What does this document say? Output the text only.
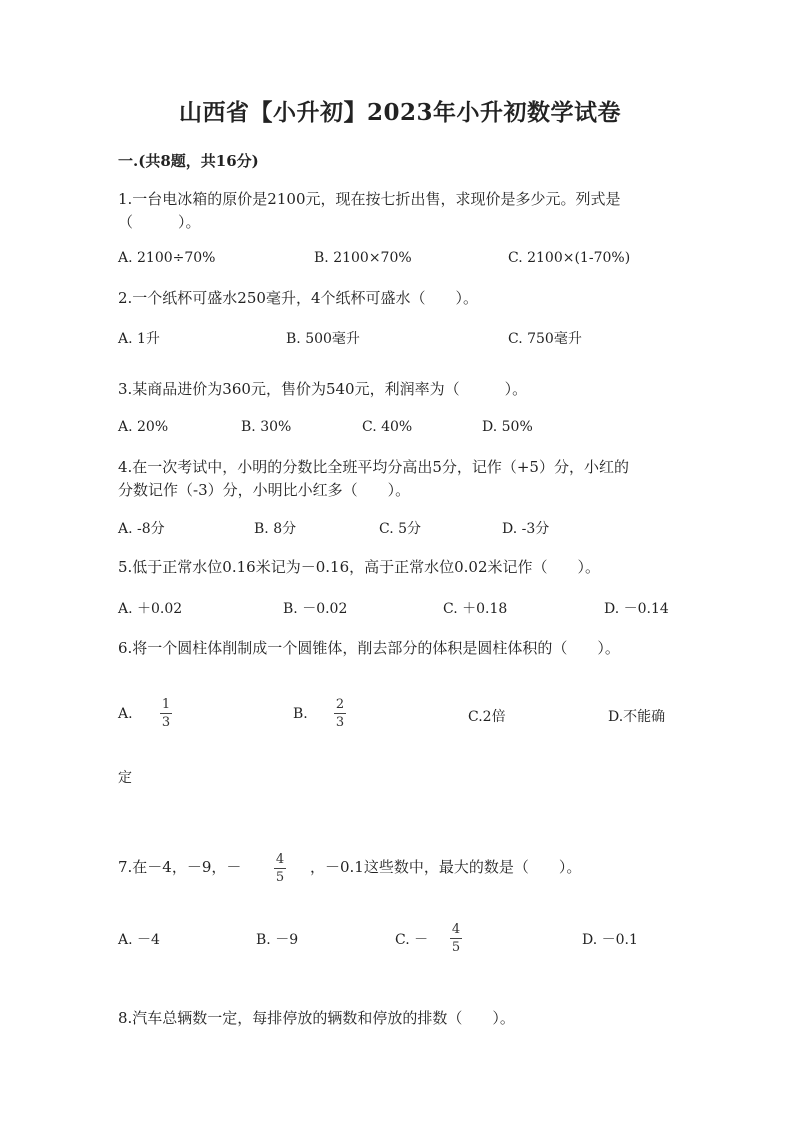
山西省【小升初】2023年小升初数学试卷
一.(共8题，共16分)
1.一台电冰箱的原价是2100元，现在按七折出售，求现价是多少元。列式是
（　　　）。
A. 2100÷70%	B. 2100×70%	C. 2100×(1-70%)
2.一个纸杯可盛水250毫升，4个纸杯可盛水（　　）。
A. 1升	B. 500毫升	C. 750毫升
3.某商品进价为360元，售价为540元，利润率为（　　　）。
A. 20%	B. 30%	C. 40%	D. 50%
4.在一次考试中，小明的分数比全班平均分高出5分，记作（+5）分，小红的
分数记作（-3）分，小明比小红多（　　）。
A. -8分	B. 8分	C. 5分	D. -3分
5.低于正常水位0.16米记为－0.16，高于正常水位0.02米记作（　　）。
A. ＋0.02	B. －0.02	C. ＋0.18	D. －0.14
6.将一个圆柱体削制成一个圆锥体，削去部分的体积是圆柱体积的（　　）。
A.
1
3
B.
2
3	C.2倍	D.不能确
定
7.在－4，－9，－	4
5
，－0.1这些数中，最大的数是（　　）。
A. －4	B. －9	C. －
4
5	D. －0.1
8.汽车总辆数一定，每排停放的辆数和停放的排数（　　）。
